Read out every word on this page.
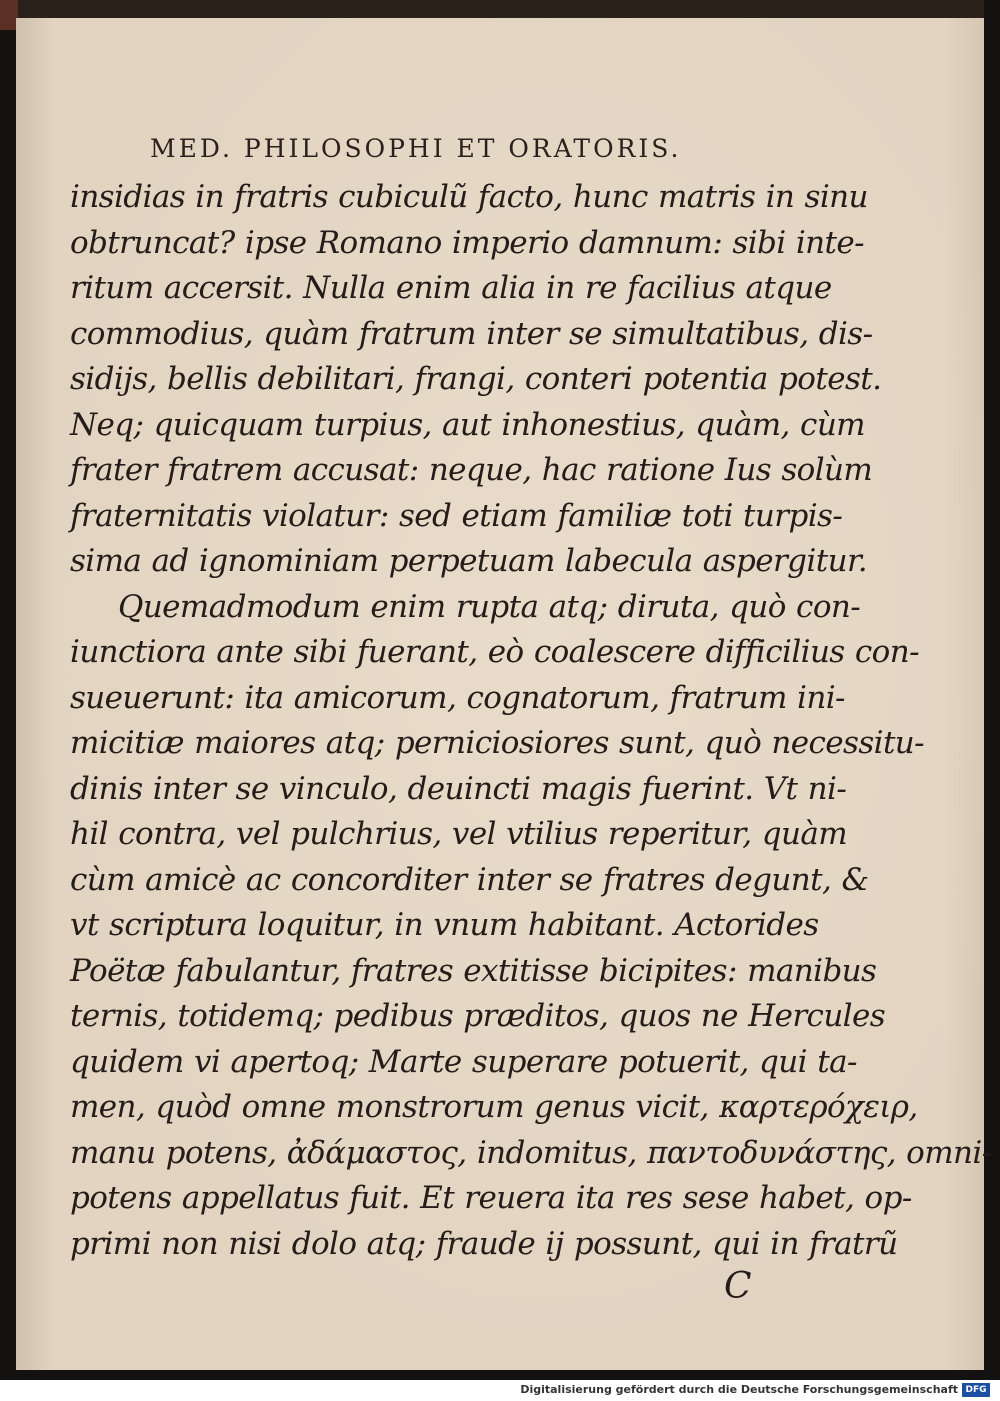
MED. PHILOSOPHI ET ORATORIS.
insidias in fratris cubiculũ facto, hunc matris in sinu
obtruncat? ipse Romano imperio damnum: sibi inte-
ritum accersit. Nulla enim alia in re facilius atque
commodius, quàm fratrum inter se simultatibus, dis-
sidijs, bellis debilitari, frangi, conteri potentia potest.
Neq; quicquam turpius, aut inhonestius, quàm, cùm
frater fratrem accusat: neque, hac ratione Ius solùm
fraternitatis violatur: sed etiam familiæ toti turpis-
sima ad ignominiam perpetuam labecula aspergitur.
Quemadmodum enim rupta atq; diruta, quò con-
iunctiora ante sibi fuerant, eò coalescere difficilius con-
sueuerunt: ita amicorum, cognatorum, fratrum ini-
micitiæ maiores atq; perniciosiores sunt, quò necessitu-
dinis inter se vinculo, deuincti magis fuerint. Vt ni-
hil contra, vel pulchrius, vel vtilius reperitur, quàm
cùm amicè ac concorditer inter se fratres degunt, &
vt scriptura loquitur, in vnum habitant. Actorides
Poëtæ fabulantur, fratres extitisse bicipites: manibus
ternis, totidemq; pedibus præditos, quos ne Hercules
quidem vi apertoq; Marte superare potuerit, qui ta-
men, quòd omne monstrorum genus vicit, καρτερόχειρ,
manu potens, ἀδάμαστος, indomitus, παντοδυνάστης, omni-
potens appellatus fuit. Et reuera ita res sese habet, op-
primi non nisi dolo atq; fraude ij possunt, qui in fratrũ
C
Digitalisierung gefördert durch die Deutsche Forschungsgemeinschaft DFG
